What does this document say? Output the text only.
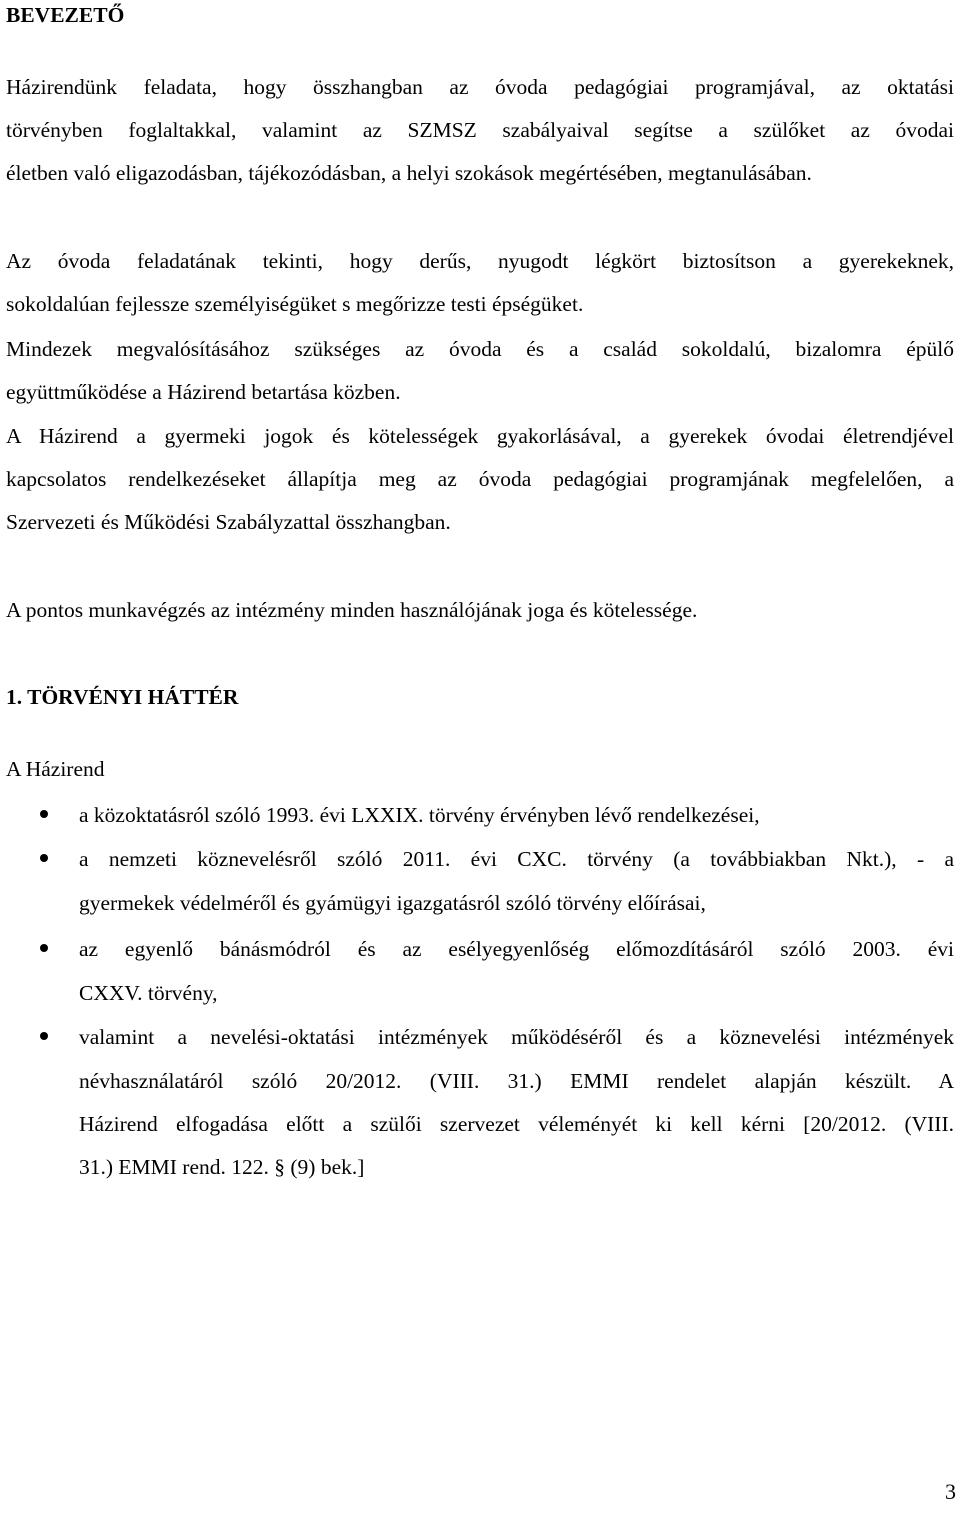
BEVEZETŐ
Házirendünk feladata, hogy összhangban az óvoda pedagógiai programjával, az oktatási
törvényben foglaltakkal, valamint az SZMSZ szabályaival segítse a szülőket az óvodai
életben való eligazodásban, tájékozódásban, a helyi szokások megértésében, megtanulásában.
Az óvoda feladatának tekinti, hogy derűs, nyugodt légkört biztosítson a gyerekeknek,
sokoldalúan fejlessze személyiségüket s megőrizze testi épségüket.
Mindezek megvalósításához szükséges az óvoda és a család sokoldalú, bizalomra épülő
együttműködése a Házirend betartása közben.
A Házirend a gyermeki jogok és kötelességek gyakorlásával, a gyerekek óvodai életrendjével
kapcsolatos rendelkezéseket állapítja meg az óvoda pedagógiai programjának megfelelően, a
Szervezeti és Működési Szabályzattal összhangban.
A pontos munkavégzés az intézmény minden használójának joga és kötelessége.
1. TÖRVÉNYI HÁTTÉR
A Házirend
a közoktatásról szóló 1993. évi LXXIX. törvény érvényben lévő rendelkezései,
a nemzeti köznevelésről szóló 2011. évi CXC. törvény (a továbbiakban Nkt.), - a
gyermekek védelméről és gyámügyi igazgatásról szóló törvény előírásai,
az egyenlő bánásmódról és az esélyegyenlőség előmozdításáról szóló 2003. évi
CXXV. törvény,
valamint a nevelési-oktatási intézmények működéséről és a köznevelési intézmények
névhasználatáról szóló 20/2012. (VIII. 31.) EMMI rendelet alapján készült. A
Házirend elfogadása előtt a szülői szervezet véleményét ki kell kérni [20/2012. (VIII.
31.) EMMI rend. 122. § (9) bek.]
3
